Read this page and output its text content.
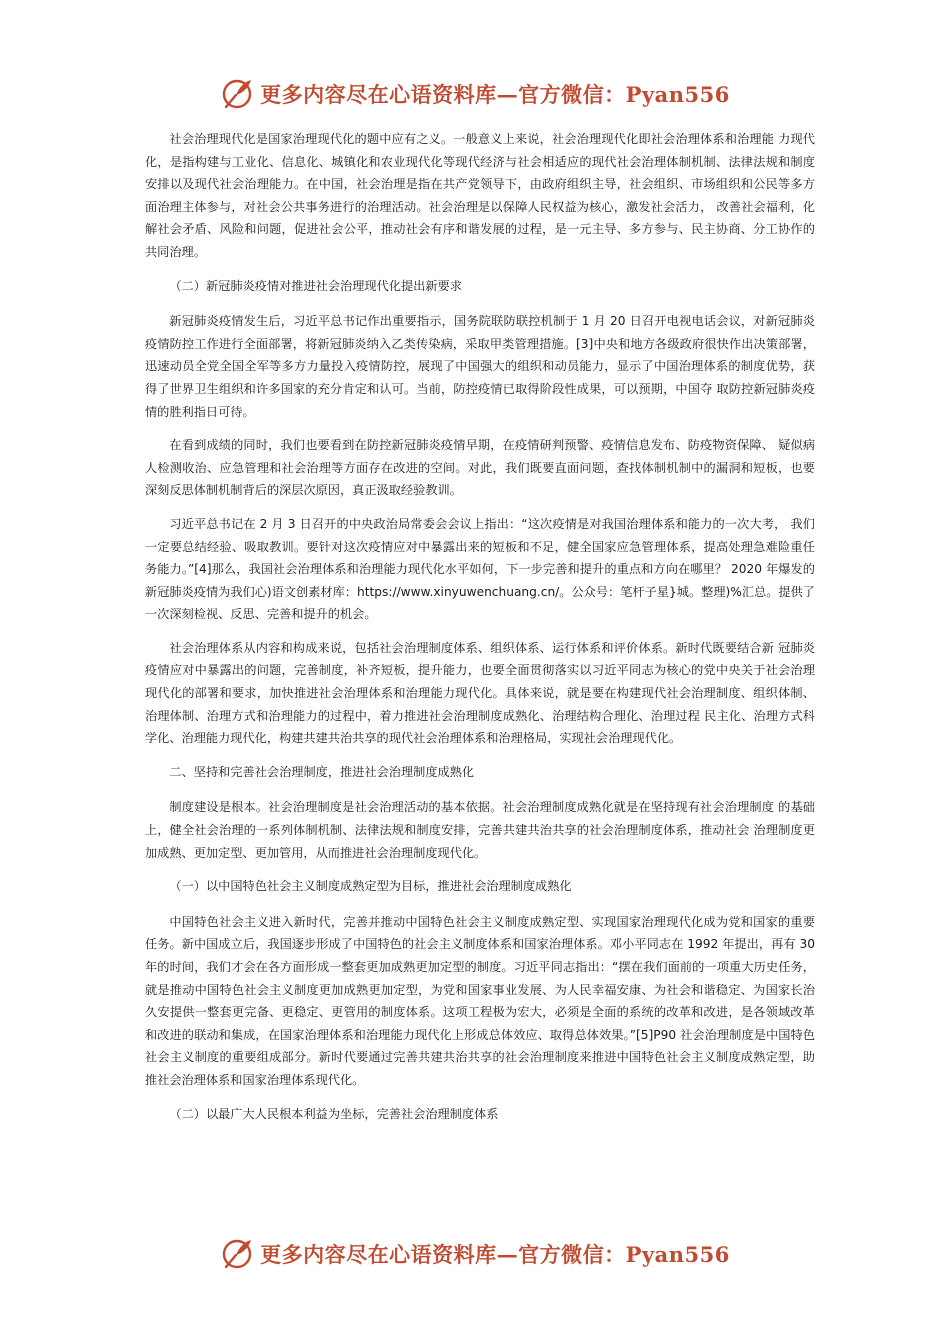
更多内容尽在心语资料库—官方微信：Pyan556

社会治理现代化是国家治理现代化的题中应有之义。一般意义上来说，社会治理现代化即社会治理体系和治理能 力现代化，是指构建与工业化、信息化、城镇化和农业现代化等现代经济与社会相适应的现代社会治理体制机制、法律法规和制度安排以及现代社会治理能力。在中国，社会治理是指在共产党领导下，由政府组织主导，社会组织、市场组织和公民等多方面治理主体参与，对社会公共事务进行的治理活动。社会治理是以保障人民权益为核心，激发社会活力， 改善社会福利，化解社会矛盾、风险和问题，促进社会公平，推动社会有序和谐发展的过程，是一元主导、多方参与、民主协商、分工协作的共同治理。

（二）新冠肺炎疫情对推进社会治理现代化提出新要求

新冠肺炎疫情发生后，习近平总书记作出重要指示，国务院联防联控机制于 1 月 20 日召开电视电话会议，对新冠肺炎疫情防控工作进行全面部署，将新冠肺炎纳入乙类传染病，采取甲类管理措施。[3]中央和地方各级政府很快作出决策部署，迅速动员全党全国全军等多方力量投入疫情防控，展现了中国强大的组织和动员能力，显示了中国治理体系的制度优势，获得了世界卫生组织和许多国家的充分肯定和认可。当前，防控疫情已取得阶段性成果，可以预期，中国夺 取防控新冠肺炎疫情的胜利指日可待。

在看到成绩的同时，我们也要看到在防控新冠肺炎疫情早期，在疫情研判预警、疫情信息发布、防疫物资保障、 疑似病人检测收治、应急管理和社会治理等方面存在改进的空间。对此，我们既要直面问题，查找体制机制中的漏洞和短板，也要深刻反思体制机制背后的深层次原因，真正汲取经验教训。

习近平总书记在 2 月 3 日召开的中央政治局常委会会议上指出：“这次疫情是对我国治理体系和能力的一次大考， 我们一定要总结经验、吸取教训。要针对这次疫情应对中暴露出来的短板和不足，健全国家应急管理体系，提高处理急难险重任务能力。”[4]那么，我国社会治理体系和治理能力现代化水平如何，下一步完善和提升的重点和方向在哪里？ 2020 年爆发的新冠肺炎疫情为我们心)语文创素材库：https://www.xinyuwenchuang.cn/。公众号：笔杆子星}城。整理)%汇总。提供了一次深刻检视、反思、完善和提升的机会。

社会治理体系从内容和构成来说，包括社会治理制度体系、组织体系、运行体系和评价体系。新时代既要结合新 冠肺炎疫情应对中暴露出的问题，完善制度，补齐短板，提升能力，也要全面贯彻落实以习近平同志为核心的党中央关于社会治理现代化的部署和要求，加快推进社会治理体系和治理能力现代化。具体来说，就是要在构建现代社会治理制度、组织体制、治理体制、治理方式和治理能力的过程中，着力推进社会治理制度成熟化、治理结构合理化、治理过程 民主化、治理方式科学化、治理能力现代化，构建共建共治共享的现代社会治理体系和治理格局，实现社会治理现代化。

二、坚持和完善社会治理制度，推进社会治理制度成熟化

制度建设是根本。社会治理制度是社会治理活动的基本依据。社会治理制度成熟化就是在坚持现有社会治理制度 的基础上，健全社会治理的一系列体制机制、法律法规和制度安排，完善共建共治共享的社会治理制度体系，推动社会 治理制度更加成熟、更加定型、更加管用，从而推进社会治理制度现代化。

（一）以中国特色社会主义制度成熟定型为目标，推进社会治理制度成熟化

中国特色社会主义进入新时代，完善并推动中国特色社会主义制度成熟定型、实现国家治理现代化成为党和国家的重要任务。新中国成立后，我国逐步形成了中国特色的社会主义制度体系和国家治理体系。邓小平同志在 1992 年提出，再有 30 年的时间，我们才会在各方面形成一整套更加成熟更加定型的制度。习近平同志指出：“摆在我们面前的一项重大历史任务，就是推动中国特色社会主义制度更加成熟更加定型，为党和国家事业发展、为人民幸福安康、为社会和谐稳定、为国家长治久安提供一整套更完备、更稳定、更管用的制度体系。这项工程极为宏大，必须是全面的系统的改革和改进，是各领域改革和改进的联动和集成，在国家治理体系和治理能力现代化上形成总体效应、取得总体效果。”[5]P90 社会治理制度是中国特色社会主义制度的重要组成部分。新时代要通过完善共建共治共享的社会治理制度来推进中国特色社会主义制度成熟定型，助推社会治理体系和国家治理体系现代化。

（二）以最广大人民根本利益为坐标，完善社会治理制度体系

更多内容尽在心语资料库—官方微信：Pyan556
